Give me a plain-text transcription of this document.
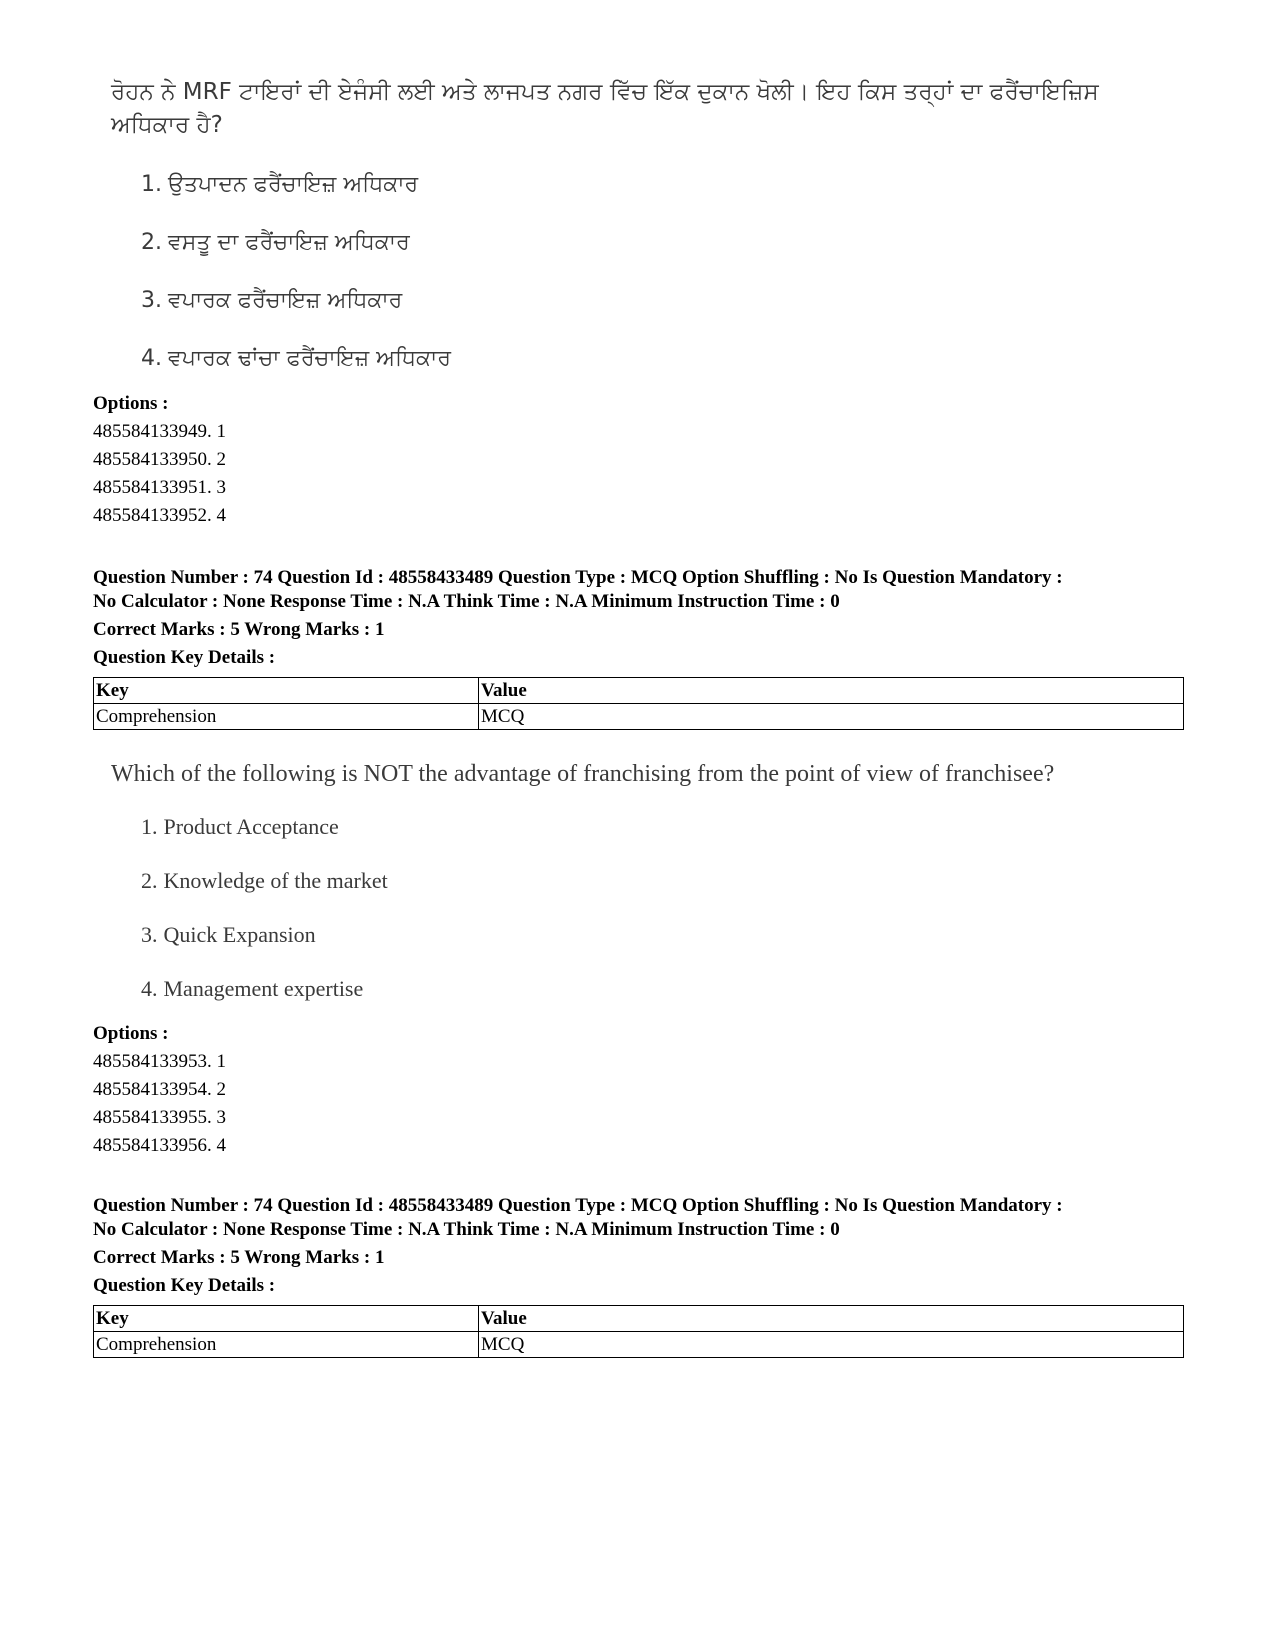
ਰੋਹਨ ਨੇ MRF ਟਾਇਰਾਂ ਦੀ ਏਜੰਸੀ ਲਈ ਅਤੇ ਲਾਜਪਤ ਨਗਰ ਵਿੱਚ ਇੱਕ ਦੁਕਾਨ ਖੋਲੀ। ਇਹ ਕਿਸ ਤਰ੍ਹਾਂ ਦਾ ਫਰੈਂਚਾਇਜ਼ਿਸ ਅਧਿਕਾਰ ਹੈ?

1. ਉਤਪਾਦਨ ਫਰੈਂਚਾਇਜ਼ ਅਧਿਕਾਰ
2. ਵਸਤੂ ਦਾ ਫਰੈਂਚਾਇਜ਼ ਅਧਿਕਾਰ
3. ਵਪਾਰਕ ਫਰੈਂਚਾਇਜ਼ ਅਧਿਕਾਰ
4. ਵਪਾਰਕ ਢਾਂਚਾ ਫਰੈਂਚਾਇਜ਼ ਅਧਿਕਾਰ
Options :
485584133949. 1
485584133950. 2
485584133951. 3
485584133952. 4
Question Number : 74 Question Id : 48558433489 Question Type : MCQ Option Shuffling : No Is Question Mandatory :
No Calculator : None Response Time : N.A Think Time : N.A Minimum Instruction Time : 0
Correct Marks : 5 Wrong Marks : 1
Question Key Details :
Key	Value
Comprehension	MCQ

Which of the following is NOT the advantage of franchising from the point of view of franchisee?

1. Product Acceptance
2. Knowledge of the market
3. Quick Expansion
4. Management expertise
Options :
485584133953. 1
485584133954. 2
485584133955. 3
485584133956. 4
Question Number : 74 Question Id : 48558433489 Question Type : MCQ Option Shuffling : No Is Question Mandatory :
No Calculator : None Response Time : N.A Think Time : N.A Minimum Instruction Time : 0
Correct Marks : 5 Wrong Marks : 1
Question Key Details :
Key	Value
Comprehension	MCQ
